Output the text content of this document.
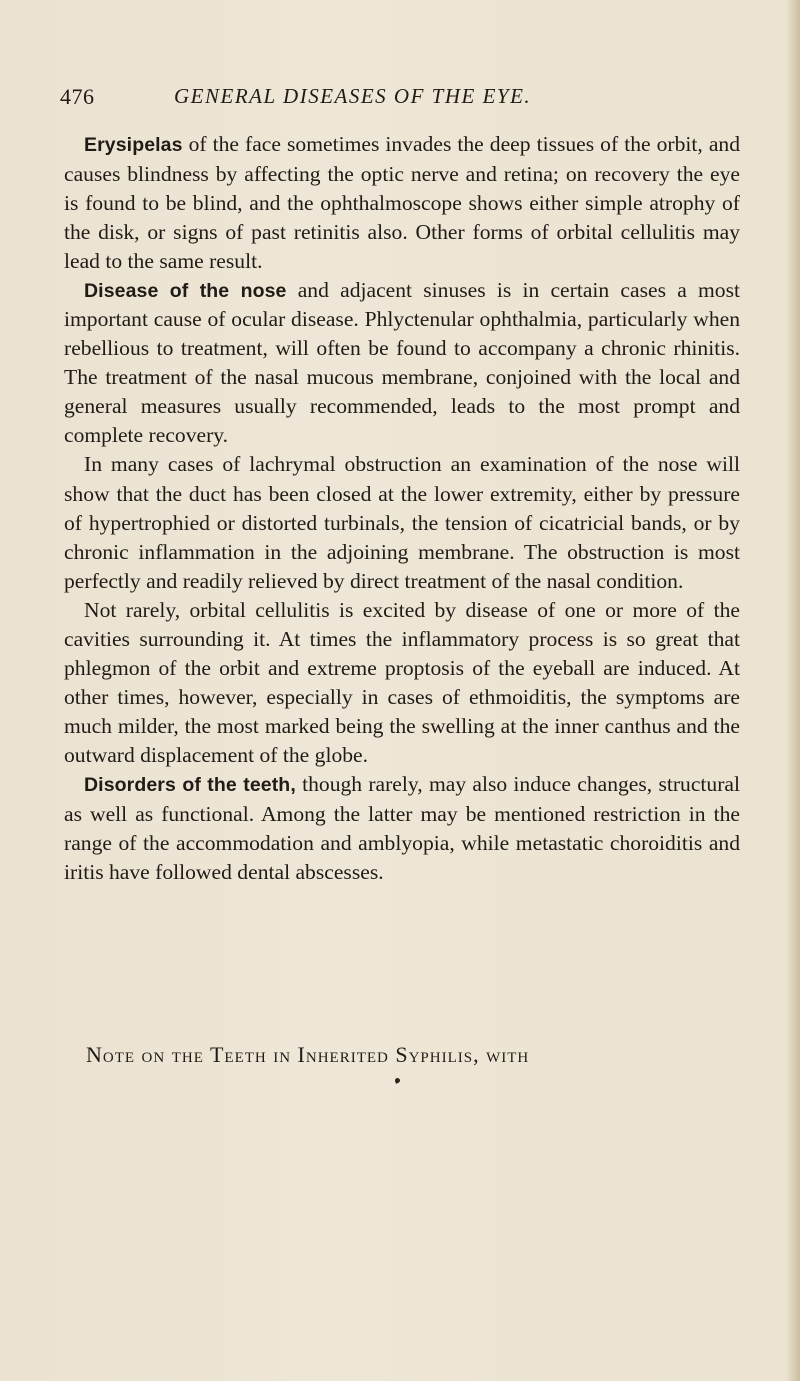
476	GENERAL DISEASES OF THE EYE.

Erysipelas of the face sometimes invades the deep tissues of the orbit, and causes blindness by affecting the optic nerve and retina; on recovery the eye is found to be blind, and the ophthalmoscope shows either simple atrophy of the disk, or signs of past retinitis also. Other forms of orbital cellulitis may lead to the same result.

Disease of the nose and adjacent sinuses is in certain cases a most important cause of ocular disease. Phlyctenular ophthalmia, particularly when rebellious to treatment, will often be found to accompany a chronic rhinitis. The treatment of the nasal mucous membrane, conjoined with the local and general measures usually recommended, leads to the most prompt and complete recovery.

In many cases of lachrymal obstruction an examination of the nose will show that the duct has been closed at the lower extremity, either by pressure of hypertrophied or distorted turbinals, the tension of cicatricial bands, or by chronic inflammation in the adjoining membrane. The obstruction is most perfectly and readily relieved by direct treatment of the nasal condition.

Not rarely, orbital cellulitis is excited by disease of one or more of the cavities surrounding it. At times the inflammatory process is so great that phlegmon of the orbit and extreme proptosis of the eyeball are induced. At other times, however, especially in cases of ethmoiditis, the symptoms are much milder, the most marked being the swelling at the inner canthus and the outward displacement of the globe.

Disorders of the teeth, though rarely, may also induce changes, structural as well as functional. Among the latter may be mentioned restriction in the range of the accommodation and amblyopia, while metastatic choroiditis and iritis have followed dental abscesses.

Note on the Teeth in Inherited Syphilis, with
